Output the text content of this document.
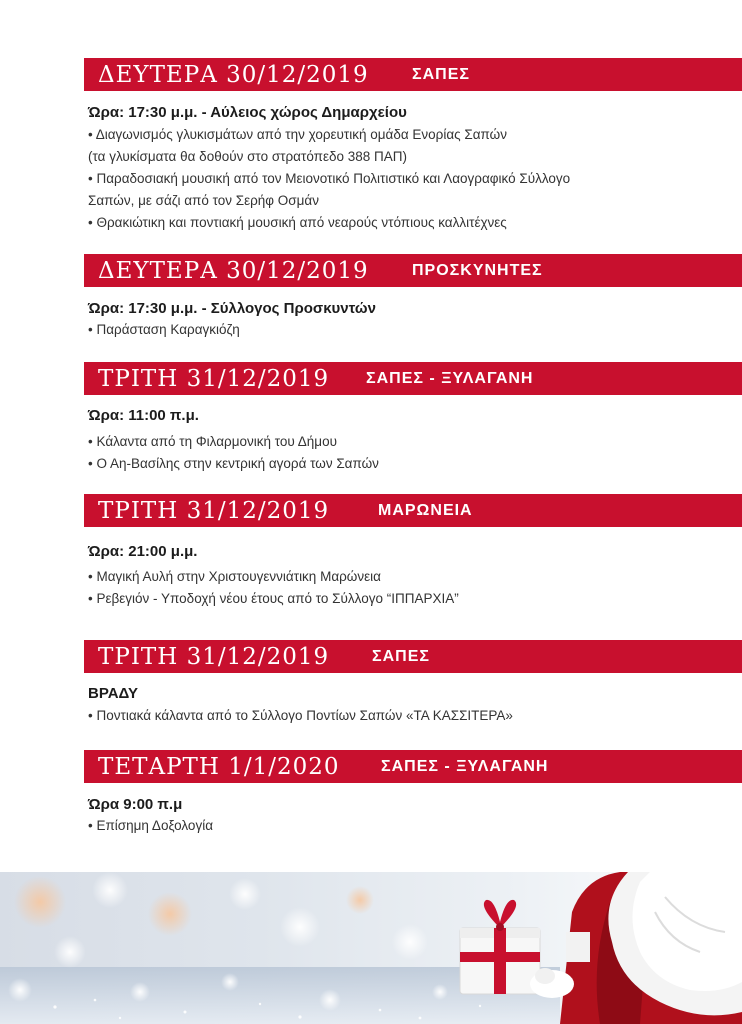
ΔΕΥΤΕΡΑ 30/12/2019	ΣΑΠΕΣ
Ώρα: 17:30 μ.μ. - Αύλειος χώρος Δημαρχείου
• Διαγωνισμός γλυκισμάτων από την χορευτική ομάδα Ενορίας Σαπών
(τα γλυκίσματα θα δοθούν στο στρατόπεδο 388 ΠΑΠ)
• Παραδοσιακή μουσική από τον Μειονοτικό Πολιτιστικό και Λαογραφικό Σύλλογο
Σαπών, με σάζι από τον Σερήφ Οσμάν
• Θρακιώτικη και ποντιακή μουσική από νεαρούς ντόπιους καλλιτέχνες
ΔΕΥΤΕΡΑ 30/12/2019	ΠΡΟΣΚΥΝΗΤΕΣ
Ώρα: 17:30 μ.μ. - Σύλλογος Προσκυντών
• Παράσταση Καραγκιόζη
ΤΡΙΤΗ 31/12/2019	ΣΑΠΕΣ - ΞΥΛΑΓΑΝΗ
Ώρα: 11:00 π.μ.
• Κάλαντα από τη Φιλαρμονική του Δήμου
• Ο Αη-Βασίλης στην κεντρική αγορά των Σαπών
ΤΡΙΤΗ 31/12/2019	ΜΑΡΩΝΕΙΑ
Ώρα: 21:00 μ.μ.
• Μαγική Αυλή στην Χριστουγεννιάτικη Μαρώνεια
• Ρεβεγιόν - Υποδοχή νέου έτους από το Σύλλογο “ΙΠΠΑΡΧΙΑ”
ΤΡΙΤΗ 31/12/2019	ΣΑΠΕΣ
ΒΡΑΔΥ
• Ποντιακά κάλαντα από το Σύλλογο Ποντίων Σαπών «ΤΑ ΚΑΣΣΙΤΕΡΑ»
ΤΕΤΑΡΤΗ 1/1/2020	ΣΑΠΕΣ - ΞΥΛΑΓΑΝΗ
Ώρα 9:00 π.μ
• Επίσημη Δοξολογία
